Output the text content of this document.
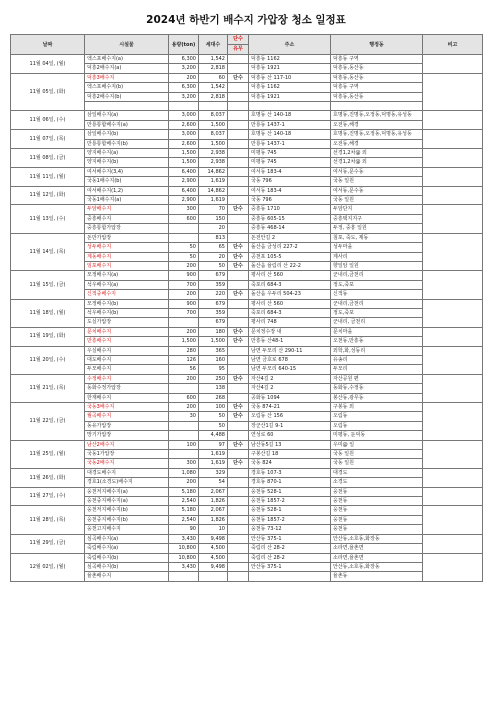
2024년 하반기 배수지 가압장 청소 일정표
날짜	시설물	용량(ton)	세대수	단수	주소	행정동	비고
				유무			
11월 04일, (월)	엑스포배수지(a)	6,300	1,542		덕흥동 1162	덕흥동 구역	
	덕흥2배수지(a)	3,200	2,818		덕흥동 1921	덕흥동,동산동	
11월 05일, (화)	덕흥3배수지	200	60	단수	덕흥동 산 117-10	덕흥동,동산동	
	엑스포배수지(b)	6,300	1,542		덕흥동 1162	덕흥동 구역	
	덕흥2배수지(b)	3,200	2,818		덕흥동 1921	덕흥동,동산동	

11월 06일, (수)	삼일배수지(a)	3,000	8,037		호명동 산 140-18	호명동,진명동,오정동,덕명동,유성동	
	만룡통합배수지(a)	2,600	1,500		만룡동 1437-1	오전동,해경	
11월 07일, (목)	삼일배수지(b)	3,000	8,037		호명동 산 140-18	호명동,진명동,오정동,덕명동,유성동	
	만룡통합배수지(b)	2,600	1,500		만룡동 1437-1	오전동,해경	
11월 08일, (금)	양지배수지(a)	1,500	2,938		미평동 745	선경1,2차@ 외	
	양지배수지(b)	1,500	2,938		미평동 745	선경1,2차@ 외	
11월 11일, (월)	여서배수지(3,4)	6,400	14,862		여서동 183-4	여서동,문수동	
	국동1배수지(b)	2,900	1,619		국동 796	국동 일원	
11월 12일, (화)	여서배수지(1,2)	6,400	14,862		여서동 183-4	여서동,문수동	
	국동1배수지(a)	2,900	1,619		국동 796	국동 일원	
11월 13일, (수)	두암배수지	300	70	단수	중흥동 1710	두암단지	
	중흥배수지	600	150		중흥동 605-15	중흥택지지구	
	중흥통합가압장		20		중흥동 468-14	두정, 중흥 일원	
11월 14일, (목)	돈만가압장		813		돈전안길 2	침포, 죽도, 제동	
	성두배수지	50	65	단수	돌산읍 금성리 227-2	성두마을	
	계동배수지	50	20	단수	공천포 105-5	계사리	
	임포배수지	200	50	단수	돌산읍 율림리 산 22-2	향일암 일원	
11월 15일, (금)	모정배수지(a)	900	679		평사리 산 560	군내리,금천리	
	석우배수지(a)	700	359		죽포리 684-3	정도,죽포	
	신적중배수지	200	220	단수	돌산읍 우두리 504-23	신적동	
11월 18일, (월)	모정배수지(b)	900	679		평사리 산 560	군내리,금천리	
	석우배수지(b)	700	359		죽포리 684-3	정도,죽포	
	도실가압장		679		평사리 748	군내리, 금천리	
11월 19일, (화)	문치배수지	200	180	단수	문치정수장 내	문치마을	
	만흥배수지	1,500	1,500	단수	만흥동 산48-1	오천동,만흥동	
11월 20일, (수)	우실배수지	280	365		남면 두모리 산 290-11	외학,화,성동리	
	대도배수지	126	160		남면 금호로 678	유송리	
	두모배수지	56	95		남면 두모리 640-15	두모리	
11월 21일, (목)	수정배수지	200	250	단수	자산4길 2	자산공원 편	
	동화수정가압장		138		자산4길 2	동화동,수정동	
	한재배수지	600	268		공화동 1094	봉산동,광무동	
11월 22일, (금)	국동3배수지	200	100	단수	국동 874-21	구봉동 외	
	월곡배수지	30	50	단수	오림동 산 156	오림동	
	동유가압장		50		장군산1길 9-1	오림동	
	망기가압장		4,488		연성로 60	미평동, 둔덕동	
11월 25일, (월)	남산2배수지	100	97	단수	남산동5길 13	우미@ 일	
	국동1가압장		1,619		구봉산길 18	국동 일원	
	국동2배수지	300	1,619	단수	국동 824	국동 일원	
11월 26일, (화)	대경도배수지	1,080	329		경호동 107-3	대경도	
	경호1(소경도)배수지	200	54		경호동 870-1	소경도	
11월 27일, (수)	웅천저지배수지(a)	5,180	2,067		웅천동 528-1	웅천동	
	웅천중지배수지(a)	2,540	1,826		웅천동 1857-2	웅천동	
11월 28일, (목)	웅천저지배수지(b)	5,180	2,067		웅천동 528-1	웅천동	
	웅천중지배수지(b)	2,540	1,826		웅천동 1857-2	웅천동	
	웅천고지배수지	90	10		웅천동 73-12	웅천동	
11월 29일, (금)	심곡배수지(a)	3,430	9,498		안산동 375-1	안산동,소호동,화장동	
	죽림배수지(a)	10,800	4,500		죽림리 산 28-2	소라면,율촌면	
12월 02일, (월)	죽림배수지(b)	10,800	4,500		죽림리 산 28-2	소라면,율촌면	
	심곡배수지(b)	3,430	9,498		안산동 375-1	안산동,소호동,화장동	
	율촌배수지					율촌동	
